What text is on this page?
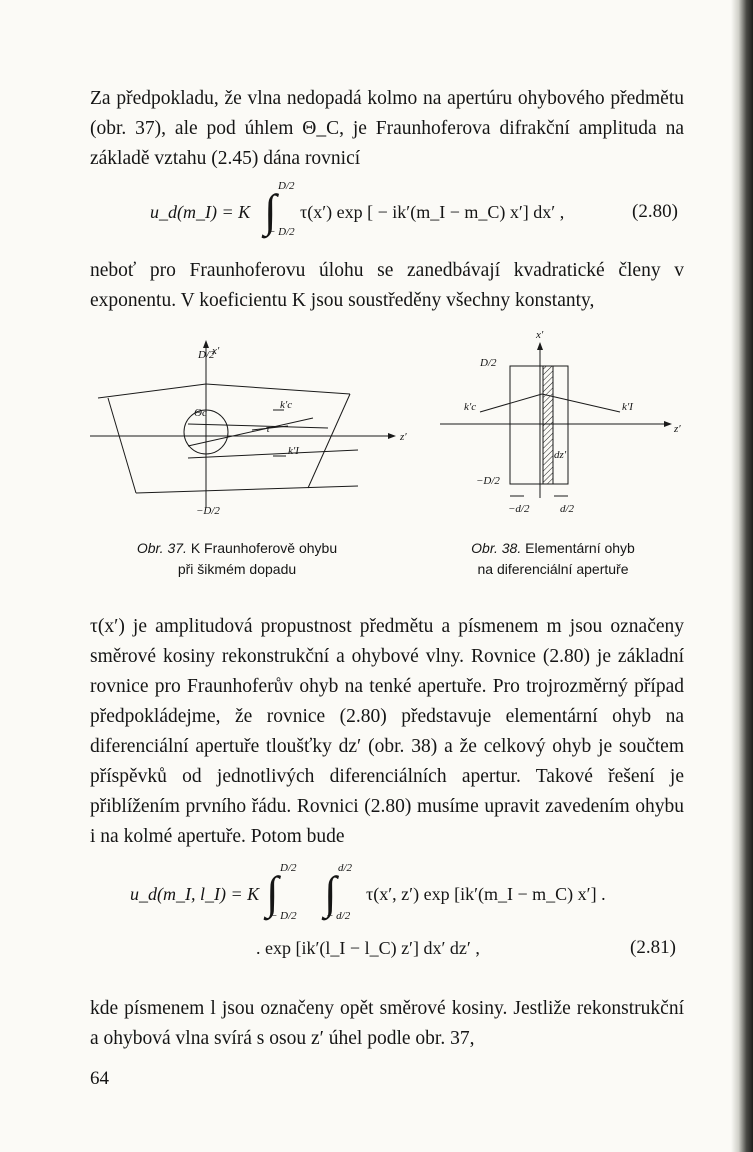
Za předpokladu, že vlna nedopadá kolmo na apertúru ohybového předmětu (obr. 37), ale pod úhlem Θ_C, je Fraunhoferova difrakční amplituda na základě vztahu (2.45) dána rovnicí

u_d(m_I) = K ∫ D/2
− D/2
τ(x′) exp [ − ik′(m_I − m_C) x′] dx′ ,	(2.80)

neboť pro Fraunhoferovu úlohu se zanedbávají kvadratické členy v exponentu. V koeficientu K jsou soustředěny všechny konstanty,

D/2
x′
−D/2
z′
Θc
k′c
k′I
τ
Obr. 37. K Fraunhoferově ohybu
při šikmém dopadu
x′
z′
D/2
−D/2
k′c	k′I
dz′
−d/2	d/2
Obr. 38. Elementární ohyb
na diferenciální apertuře

τ(x′) je amplitudová propustnost předmětu a písmenem m jsou označeny směrové kosiny rekonstrukční a ohybové vlny. Rovnice (2.80) je základní rovnice pro Fraunhoferův ohyb na tenké apertuře. Pro trojrozměrný případ předpokládejme, že rovnice (2.80) představuje elementární ohyb na diferenciální apertuře tloušťky dz′ (obr. 38) a že celkový ohyb je součtem příspěvků od jednotlivých diferenciálních apertur. Takové řešení je přiblížením prvního řádu. Rovnici (2.80) musíme upravit zavedením ohybu i na kolmé apertuře. Potom bude

u_d(m_I, l_I) = K ∫ D/2
− D/2 ∫ d/2
− d/2
τ(x′, z′) exp [ik′(m_I − m_C) x′] .
. exp [ik′(l_I − l_C) z′] dx′ dz′ ,	(2.81)

kde písmenem l jsou označeny opět směrové kosiny. Jestliže rekonstrukční a ohybová vlna svírá s osou z′ úhel podle obr. 37,

64
